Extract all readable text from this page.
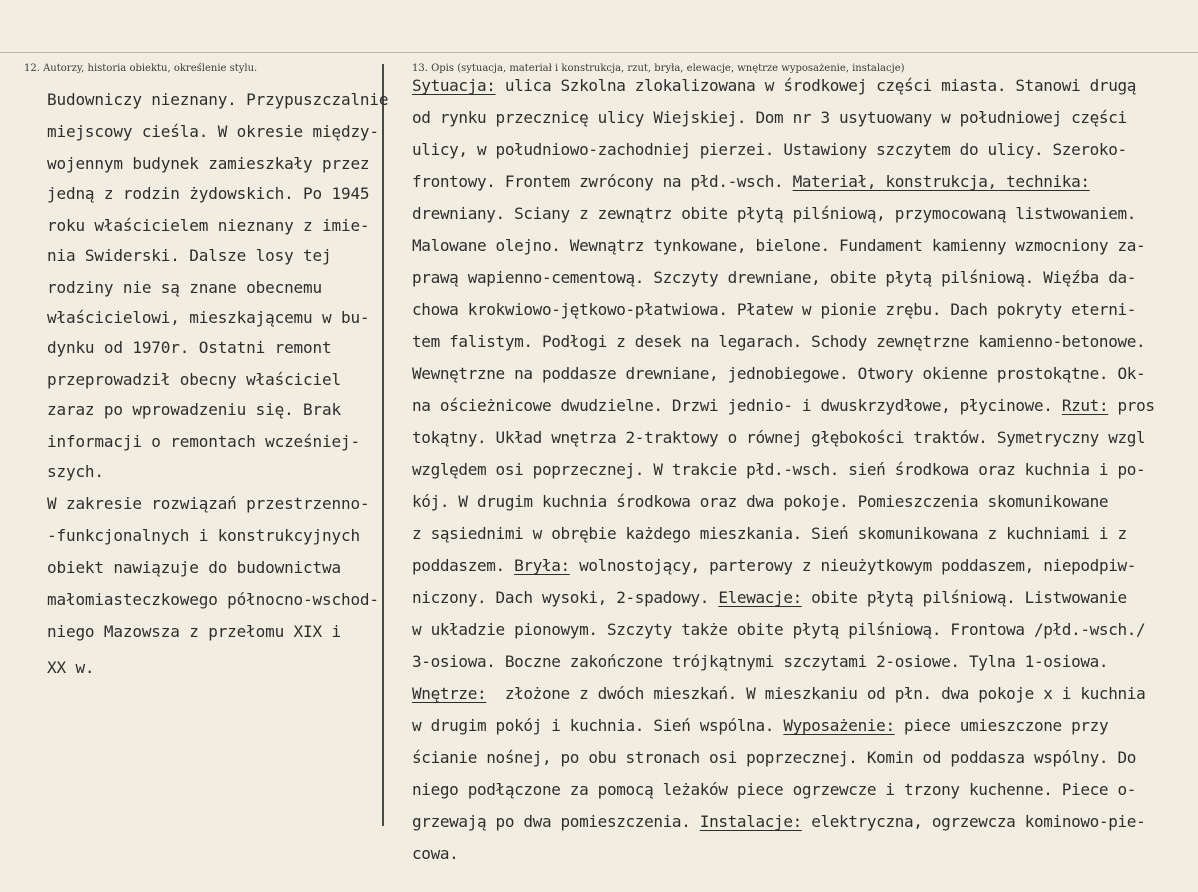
12. Autorzy, historia obiektu, określenie stylu.	13. Opis (sytuacja, materiał i konstrukcja, rzut, bryła, elewacje, wnętrze wyposażenie, instalacje)
Budowniczy nieznany. Przypuszczalnie
miejscowy cieśla. W okresie między-
wojennym budynek zamieszkały przez
jedną z rodzin żydowskich. Po 1945
roku właścicielem nieznany z imie-
nia Swiderski. Dalsze losy tej
rodziny nie są znane obecnemu
właścicielowi, mieszkającemu w bu-
dynku od 1970r. Ostatni remont
przeprowadził obecny właściciel
zaraz po wprowadzeniu się. Brak
informacji o remontach wcześniej-
szych.
W zakresie rozwiązań przestrzenno-
-funkcjonalnych i konstrukcyjnych
obiekt nawiązuje do budownictwa
małomiasteczkowego północno-wschod-
niego Mazowsza z przełomu XIX i
XX w.
Sytuacja: ulica Szkolna zlokalizowana w środkowej części miasta. Stanowi drugą
od rynku przecznicę ulicy Wiejskiej. Dom nr 3 usytuowany w południowej części
ulicy, w południowo-zachodniej pierzei. Ustawiony szczytem do ulicy. Szeroko-
frontowy. Frontem zwrócony na płd.-wsch. Materiał, konstrukcja, technika:
drewniany. Sciany z zewnątrz obite płytą pilśniową, przymocowaną listwowaniem.
Malowane olejno. Wewnątrz tynkowane, bielone. Fundament kamienny wzmocniony za-
prawą wapienno-cementową. Szczyty drewniane, obite płytą pilśniową. Więźba da-
chowa krokwiowo-jętkowo-płatwiowa. Płatew w pionie zrębu. Dach pokryty eterni-
tem falistym. Podłogi z desek na legarach. Schody zewnętrzne kamienno-betonowe.
Wewnętrzne na poddasze drewniane, jednobiegowe. Otwory okienne prostokątne. Ok-
na ościeżnicowe dwudzielne. Drzwi jednio- i dwuskrzydłowe, płycinowe. Rzut: pros
tokątny. Układ wnętrza 2-traktowy o równej głębokości traktów. Symetryczny wzgl
względem osi poprzecznej. W trakcie płd.-wsch. sień środkowa oraz kuchnia i po-
kój. W drugim kuchnia środkowa oraz dwa pokoje. Pomieszczenia skomunikowane
z sąsiednimi w obrębie każdego mieszkania. Sień skomunikowana z kuchniami i z
poddaszem. Bryła: wolnostojący, parterowy z nieużytkowym poddaszem, niepodpiw-
niczony. Dach wysoki, 2-spadowy. Elewacje: obite płytą pilśniową. Listwowanie
w układzie pionowym. Szczyty także obite płytą pilśniową. Frontowa /płd.-wsch./
3-osiowa. Boczne zakończone trójkątnymi szczytami 2-osiowe. Tylna 1-osiowa.
Wnętrze:  złożone z dwóch mieszkań. W mieszkaniu od płn. dwa pokoje x i kuchnia
w drugim pokój i kuchnia. Sień wspólna. Wyposażenie: piece umieszczone przy
ścianie nośnej, po obu stronach osi poprzecznej. Komin od poddasza wspólny. Do
niego podłączone za pomocą leżaków piece ogrzewcze i trzony kuchenne. Piece o-
grzewają po dwa pomieszczenia. Instalacje: elektryczna, ogrzewcza kominowo-pie-
cowa.
